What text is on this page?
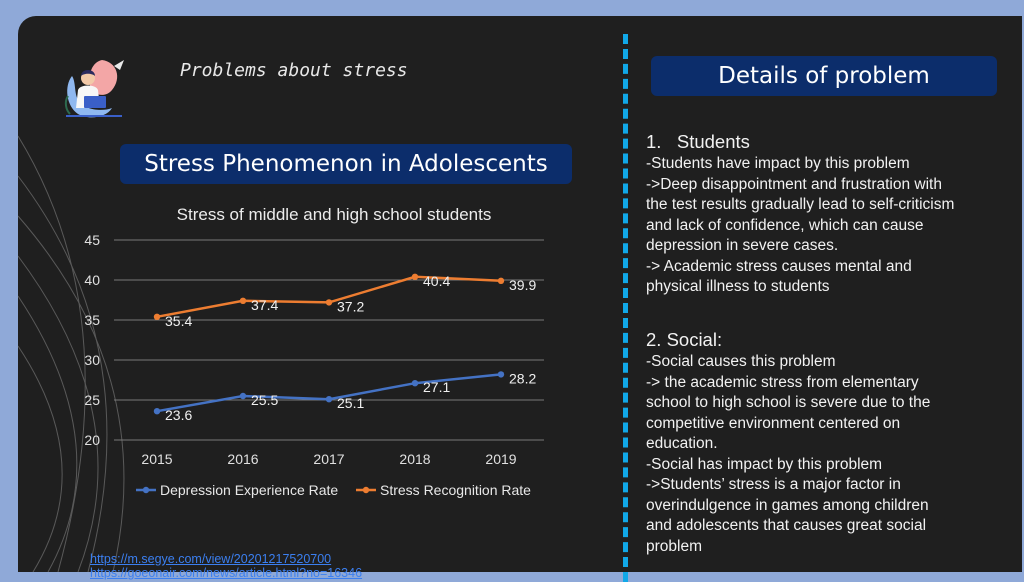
Problems about stress
Stress Phenomenon in Adolescents
Stress of middle and high school students
20
25
30
35
40
45
2015	2016	2017	2018	2019
23.6
25.5	25.1
27.1
28.2
35.4
37.4	37.2
40.4	39.9
Depression Experience Rate	Stress Recognition Rate
https://m.segye.com/view/20201217520700
https://goeonair.com/news/article.html?no=16346
Details of problem
1.   Students
-Students have impact by this problem
->Deep disappointment and frustration with
the test results gradually lead to self-criticism
and lack of confidence, which can cause
depression in severe cases.
-> Academic stress causes mental and
physical illness to students
2. Social:
-Social causes this problem
-> the academic stress from elementary
school to high school is severe due to the
competitive environment centered on
education.
-Social has impact by this problem
->Students’ stress is a major factor in
overindulgence in games among children
and adolescents that causes great social
problem
